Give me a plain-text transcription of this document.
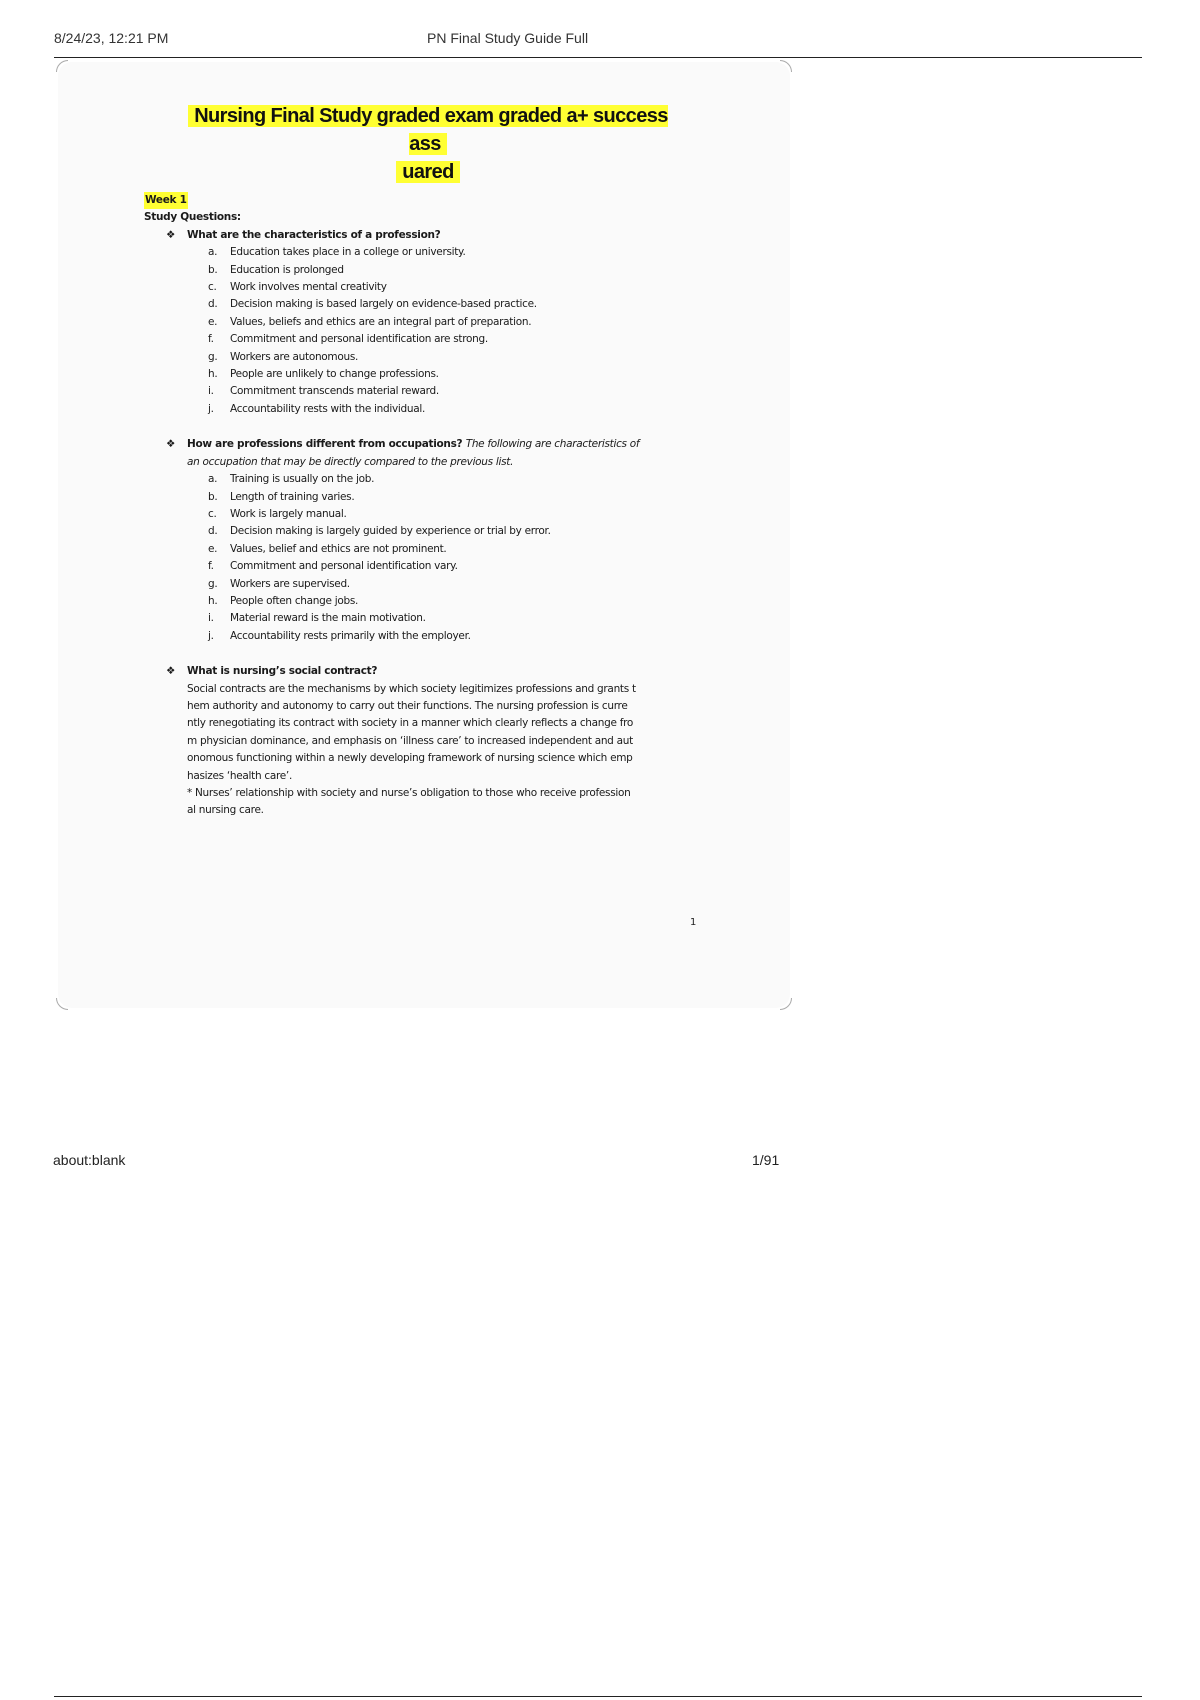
8/24/23, 12:21 PM	PN Final Study Guide Full
Nursing Final Study graded exam graded a+ success ass
uared
Week 1
Study Questions:
❖ What are the characteristics of a profession?
a. Education takes place in a college or university.
b. Education is prolonged
c. Work involves mental creativity
d. Decision making is based largely on evidence-based practice.
e. Values, beliefs and ethics are an integral part of preparation.
f. Commitment and personal identification are strong.
g. Workers are autonomous.
h. People are unlikely to change professions.
i. Commitment transcends material reward.
j. Accountability rests with the individual.
❖ How are professions different from occupations? The following are characteristics of
an occupation that may be directly compared to the previous list.
a. Training is usually on the job.
b. Length of training varies.
c. Work is largely manual.
d. Decision making is largely guided by experience or trial by error.
e. Values, belief and ethics are not prominent.
f. Commitment and personal identification vary.
g. Workers are supervised.
h. People often change jobs.
i. Material reward is the main motivation.
j. Accountability rests primarily with the employer.
❖ What is nursing’s social contract?
Social contracts are the mechanisms by which society legitimizes professions and grants t
hem authority and autonomy to carry out their functions. The nursing profession is curre
ntly renegotiating its contract with society in a manner which clearly reflects a change fro
m physician dominance, and emphasis on ‘illness care’ to increased independent and aut
onomous functioning within a newly developing framework of nursing science which emp
hasizes ‘health care’.
* Nurses’ relationship with society and nurse’s obligation to those who receive profession
al nursing care.
1
about:blank	1/91
